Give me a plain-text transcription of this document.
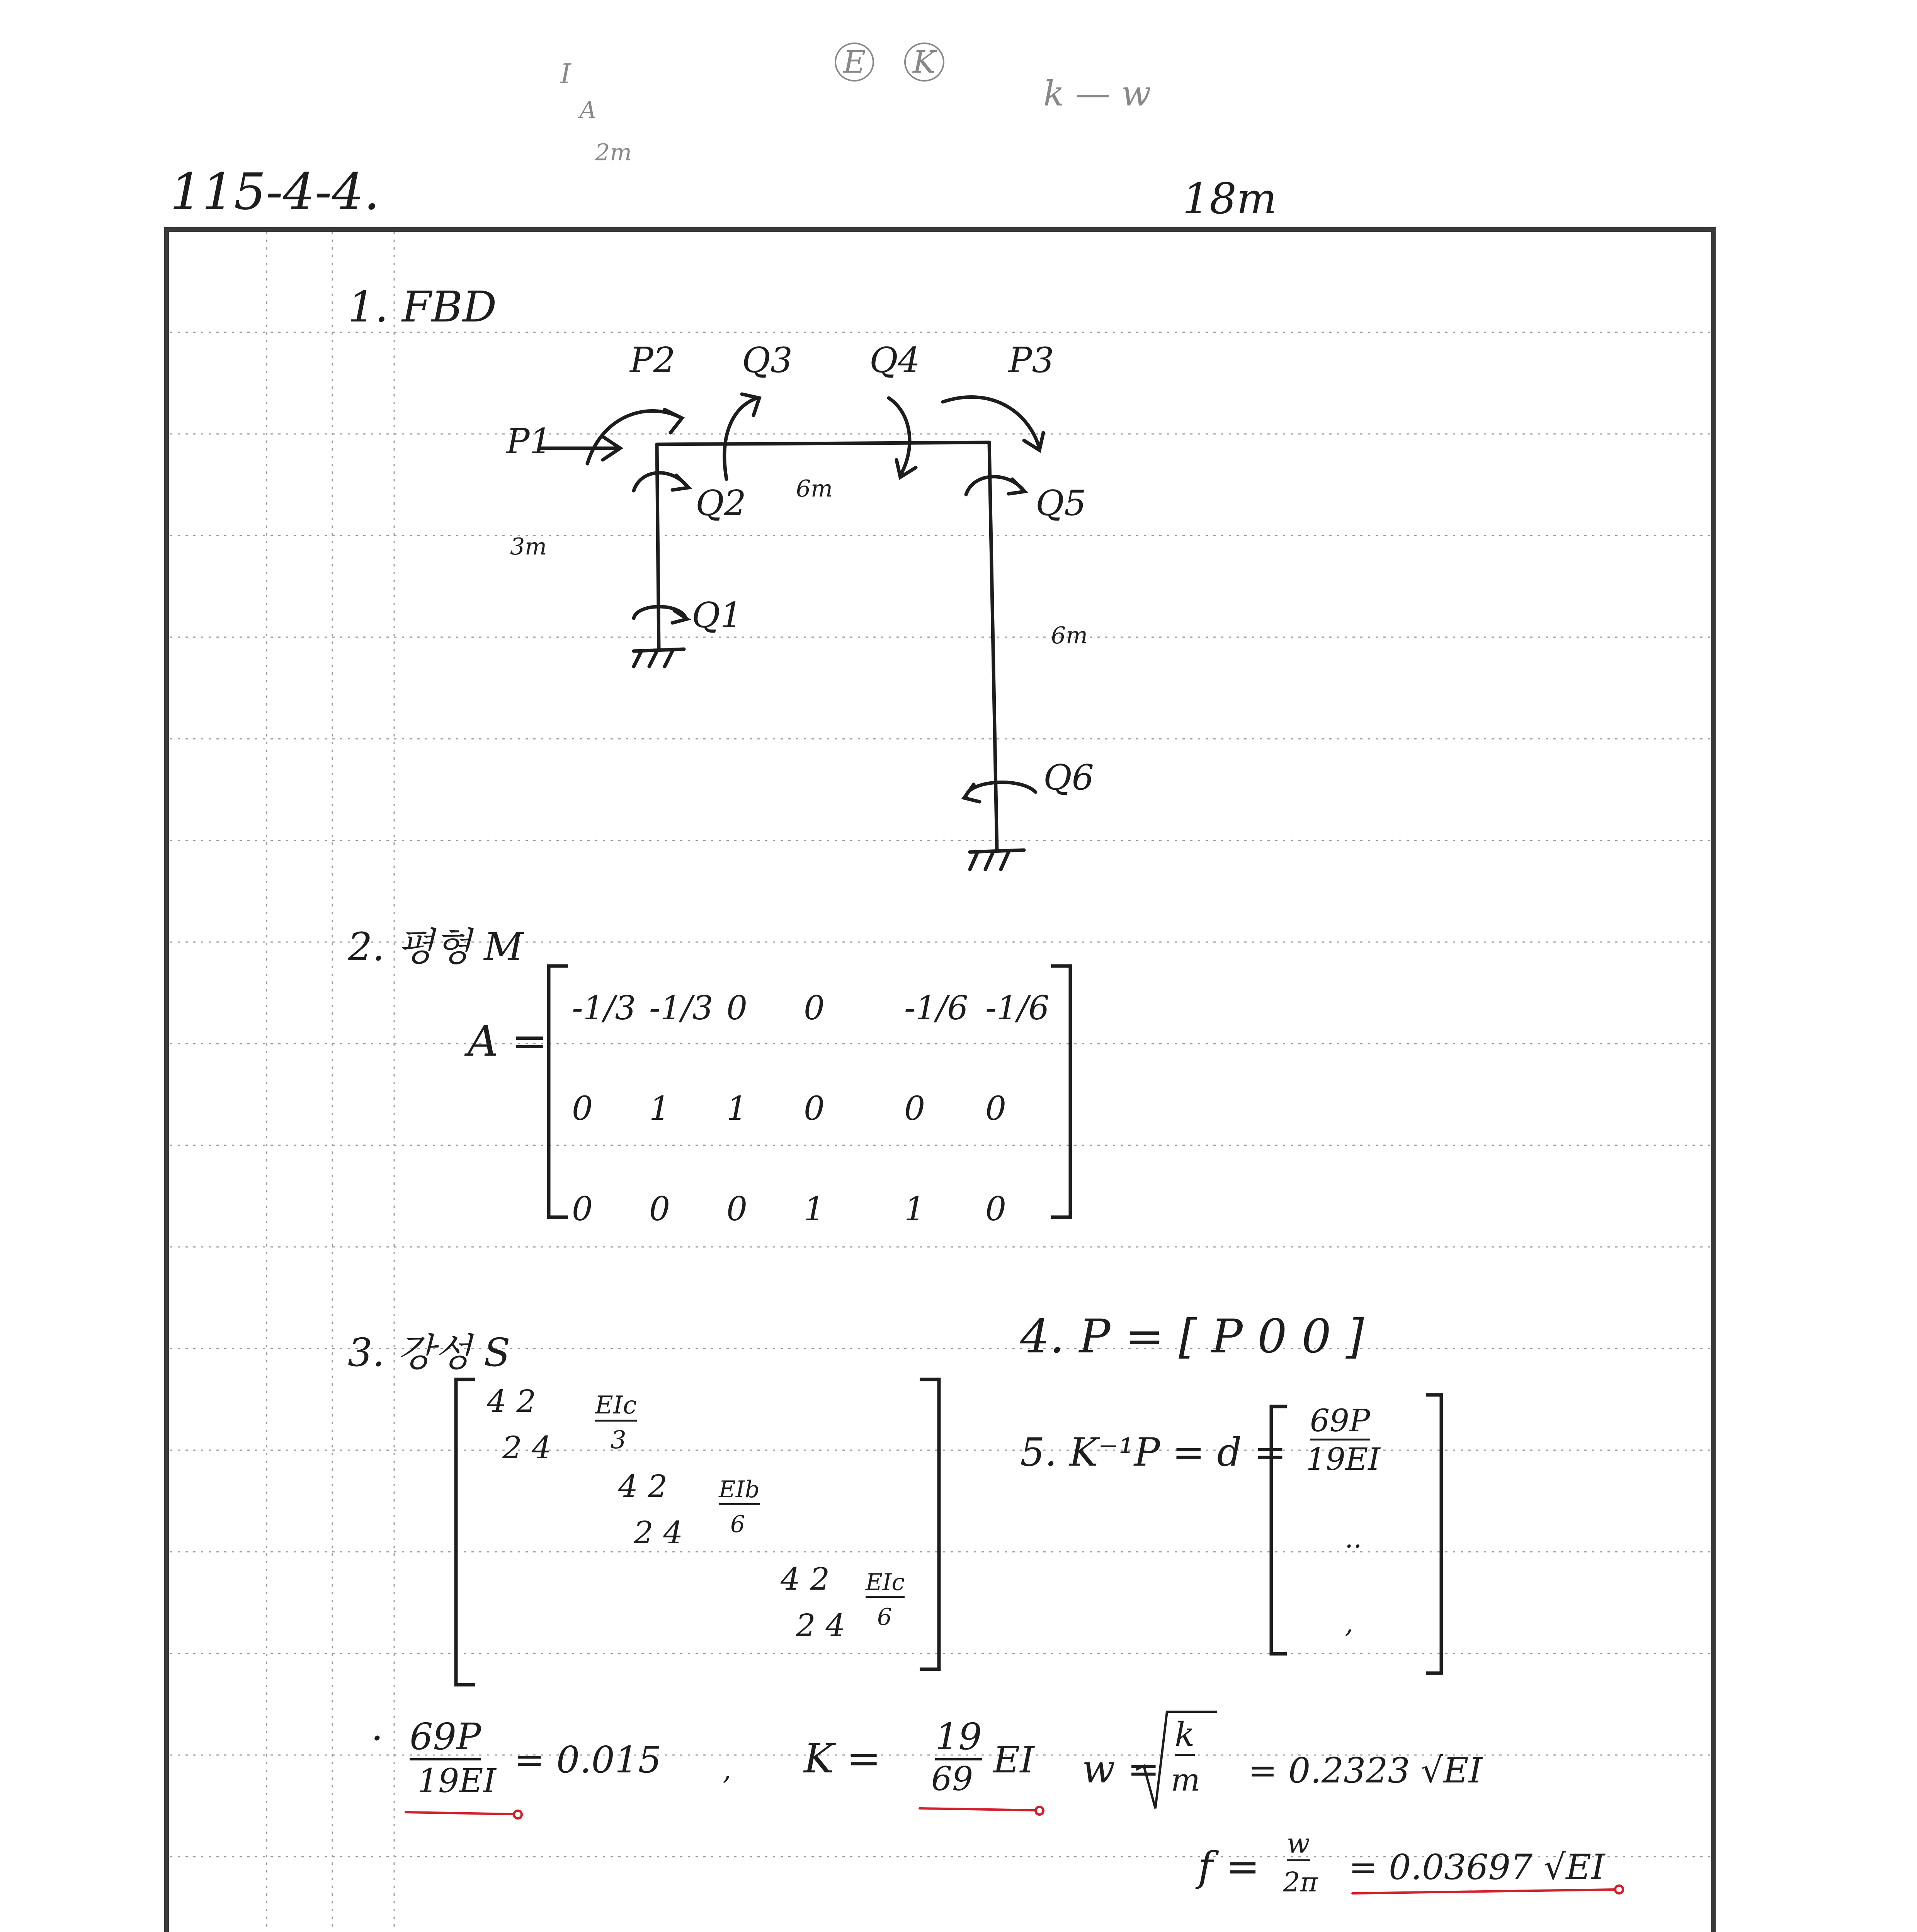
115-4-4.	18m
I
A
2m
E K
k — w
1. FBD
P2 Q3 Q4	P3
P1
Q2	Q5
Q1
Q6
6m
3m
6m
2. 평형 M
A =
-1/3 -1/3 0 0 -1/6 -1/6
0 1 1 0 0 0
0 0 0 1 1 0
3. 강성 S
4 2
2 4
EIc
3
4 2
2 4
EIb
6
4 2
2 4
EIc
6
4. P = [ P 0 0 ]
5. K⁻¹P = d =
69P
19EI
..
,
· 69P
19EI = 0.015 , K = 19
69 EI w =
k
m = 0.2323 √EI
f = w
2π = 0.03697 √EI
